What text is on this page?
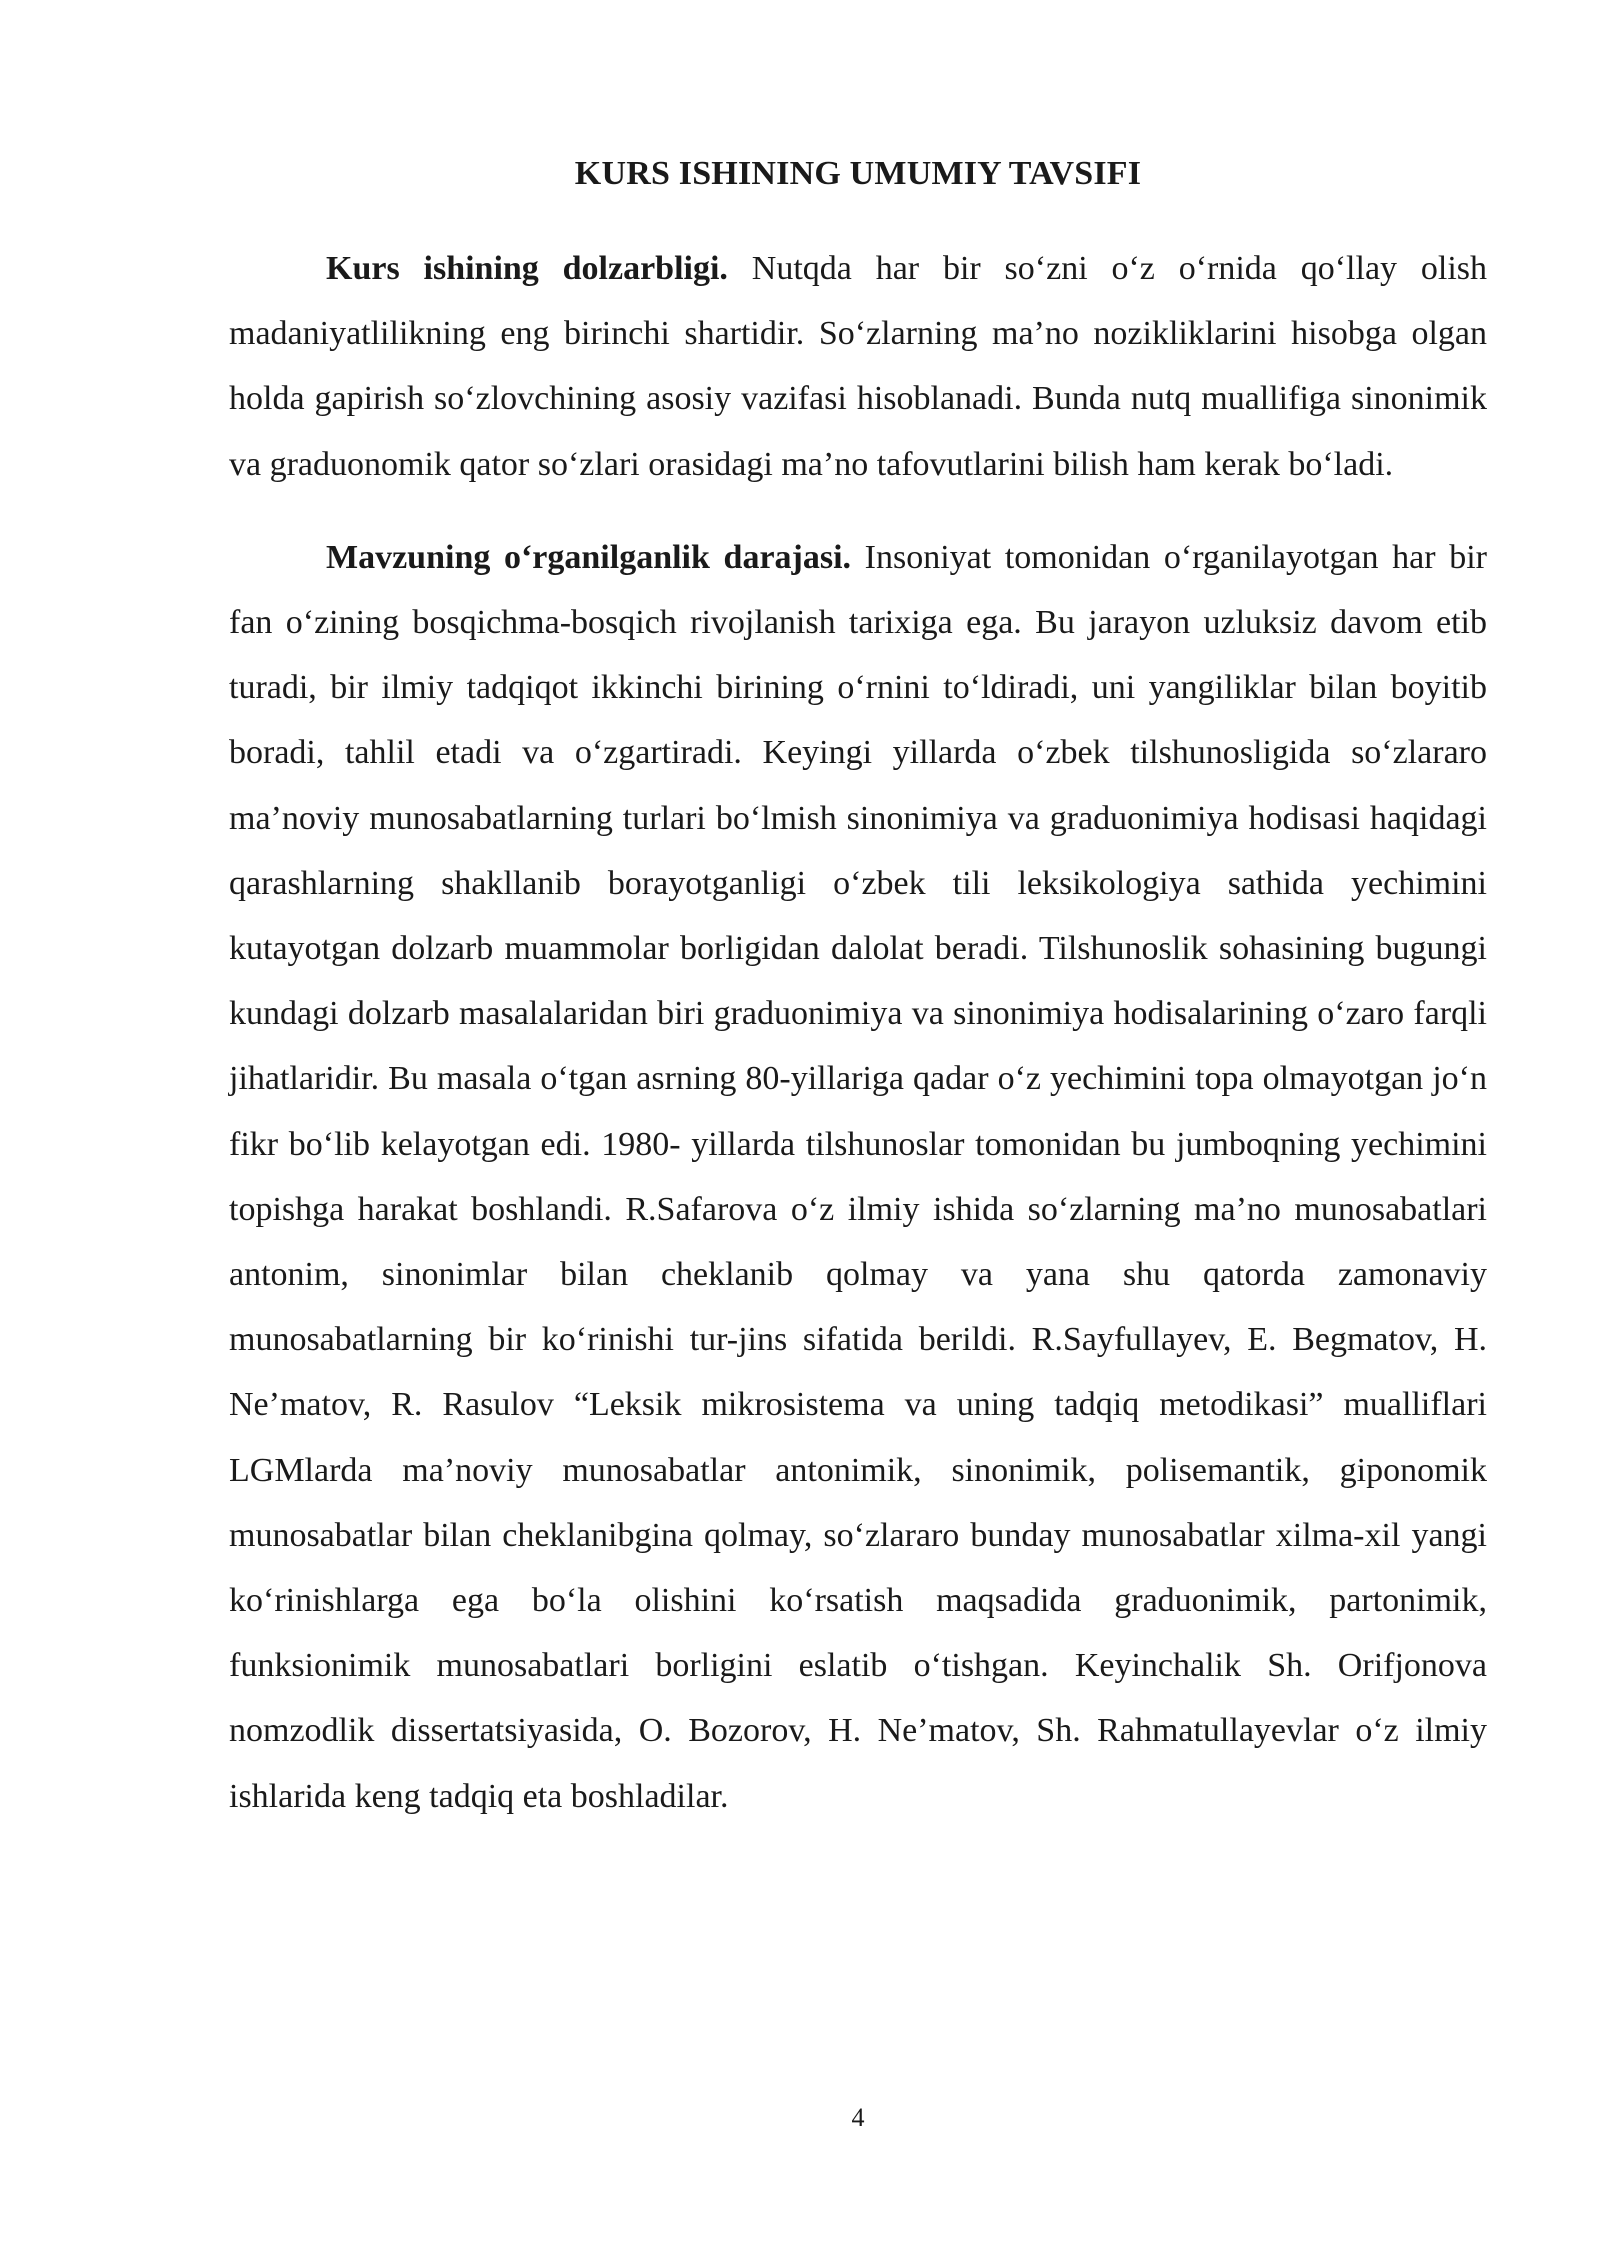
KURS ISHINING UMUMIY TAVSIFI

Kurs ishining dolzarbligi. Nutqda har bir so‘zni o‘z o‘rnida qo‘llay olish madaniyatlilikning eng birinchi shartidir. So‘zlarning ma’no nozikliklarini hisobga olgan holda gapirish so‘zlovchining asosiy vazifasi hisoblanadi. Bunda nutq muallifiga sinonimik va graduonomik qator so‘zlari orasidagi ma’no tafovutlarini bilish ham kerak bo‘ladi.

Mavzuning o‘rganilganlik darajasi. Insoniyat tomonidan o‘rganilayotgan har bir fan o‘zining bosqichma-bosqich rivojlanish tarixiga ega. Bu jarayon uzluksiz davom etib turadi, bir ilmiy tadqiqot ikkinchi birining o‘rnini to‘ldiradi, uni yangiliklar bilan boyitib boradi, tahlil etadi va o‘zgartiradi. Keyingi yillarda o‘zbek tilshunosligida so‘zlararo ma’noviy munosabatlarning turlari bo‘lmish sinonimiya va graduonimiya hodisasi haqidagi qarashlarning shakllanib borayotganligi o‘zbek tili leksikologiya sathida yechimini kutayotgan dolzarb muammolar borligidan dalolat beradi. Tilshunoslik sohasining bugungi kundagi dolzarb masalalaridan biri graduonimiya va sinonimiya hodisalarining o‘zaro farqli jihatlaridir. Bu masala o‘tgan asrning 80-yillariga qadar o‘z yechimini topa olmayotgan jo‘n fikr bo‘lib kelayotgan edi. 1980- yillarda tilshunoslar tomonidan bu jumboqning yechimini topishga harakat boshlandi. R.Safarova o‘z ilmiy ishida so‘zlarning ma’no munosabatlari antonim, sinonimlar bilan cheklanib qolmay va yana shu qatorda zamonaviy munosabatlarning bir ko‘rinishi tur-jins sifatida berildi. R.Sayfullayev, E. Begmatov, H. Ne’matov, R. Rasulov “Leksik mikrosistema va uning tadqiq metodikasi” mualliflari LGMlarda ma’noviy munosabatlar antonimik, sinonimik, polisemantik, giponomik munosabatlar bilan cheklanibgina qolmay, so‘zlararo bunday munosabatlar xilma-xil yangi ko‘rinishlarga ega bo‘la olishini ko‘rsatish maqsadida graduonimik, partonimik, funksionimik munosabatlari borligini eslatib o‘tishgan. Keyinchalik Sh. Orifjonova nomzodlik dissertatsiyasida, O. Bozorov, H. Ne’matov, Sh. Rahmatullayevlar o‘z ilmiy ishlarida keng tadqiq eta boshladilar.

4
